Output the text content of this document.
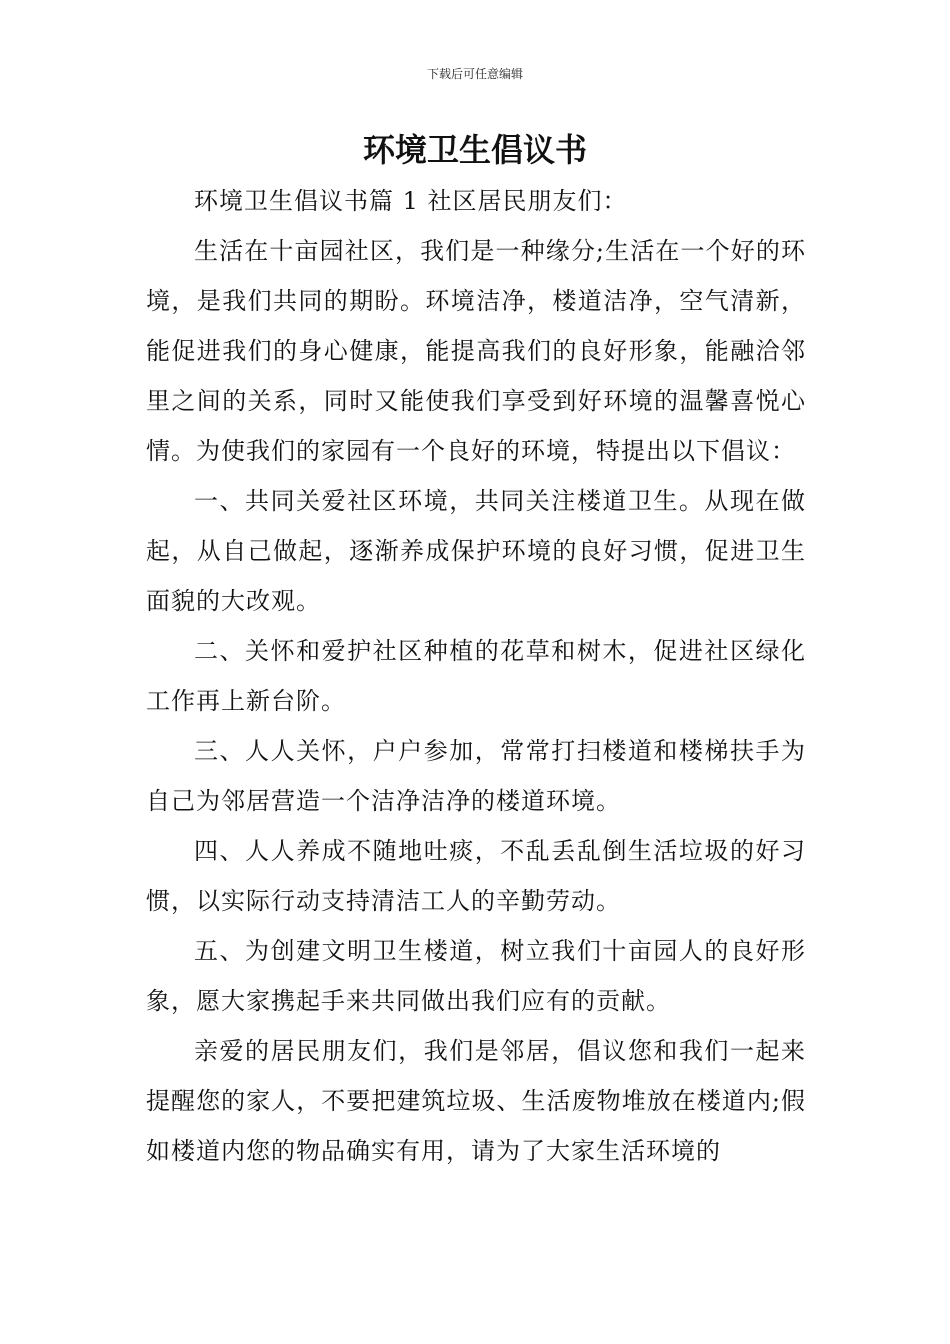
下载后可任意编辑
环境卫生倡议书

环境卫生倡议书篇 1 社区居民朋友们：

生活在十亩园社区，我们是一种缘分;生活在一个好的环境，是我们共同的期盼。环境洁净，楼道洁净，空气清新，能促进我们的身心健康，能提高我们的良好形象，能融洽邻里之间的关系，同时又能使我们享受到好环境的温馨喜悦心情。为使我们的家园有一个良好的环境，特提出以下倡议：

一、共同关爱社区环境，共同关注楼道卫生。从现在做起，从自己做起，逐渐养成保护环境的良好习惯，促进卫生面貌的大改观。

二、关怀和爱护社区种植的花草和树木，促进社区绿化工作再上新台阶。

三、人人关怀，户户参加，常常打扫楼道和楼梯扶手为自己为邻居营造一个洁净洁净的楼道环境。

四、人人养成不随地吐痰，不乱丢乱倒生活垃圾的好习惯，以实际行动支持清洁工人的辛勤劳动。

五、为创建文明卫生楼道，树立我们十亩园人的良好形象，愿大家携起手来共同做出我们应有的贡献。

亲爱的居民朋友们，我们是邻居，倡议您和我们一起来提醒您的家人，不要把建筑垃圾、生活废物堆放在楼道内;假如楼道内您的物品确实有用，请为了大家生活环境的
